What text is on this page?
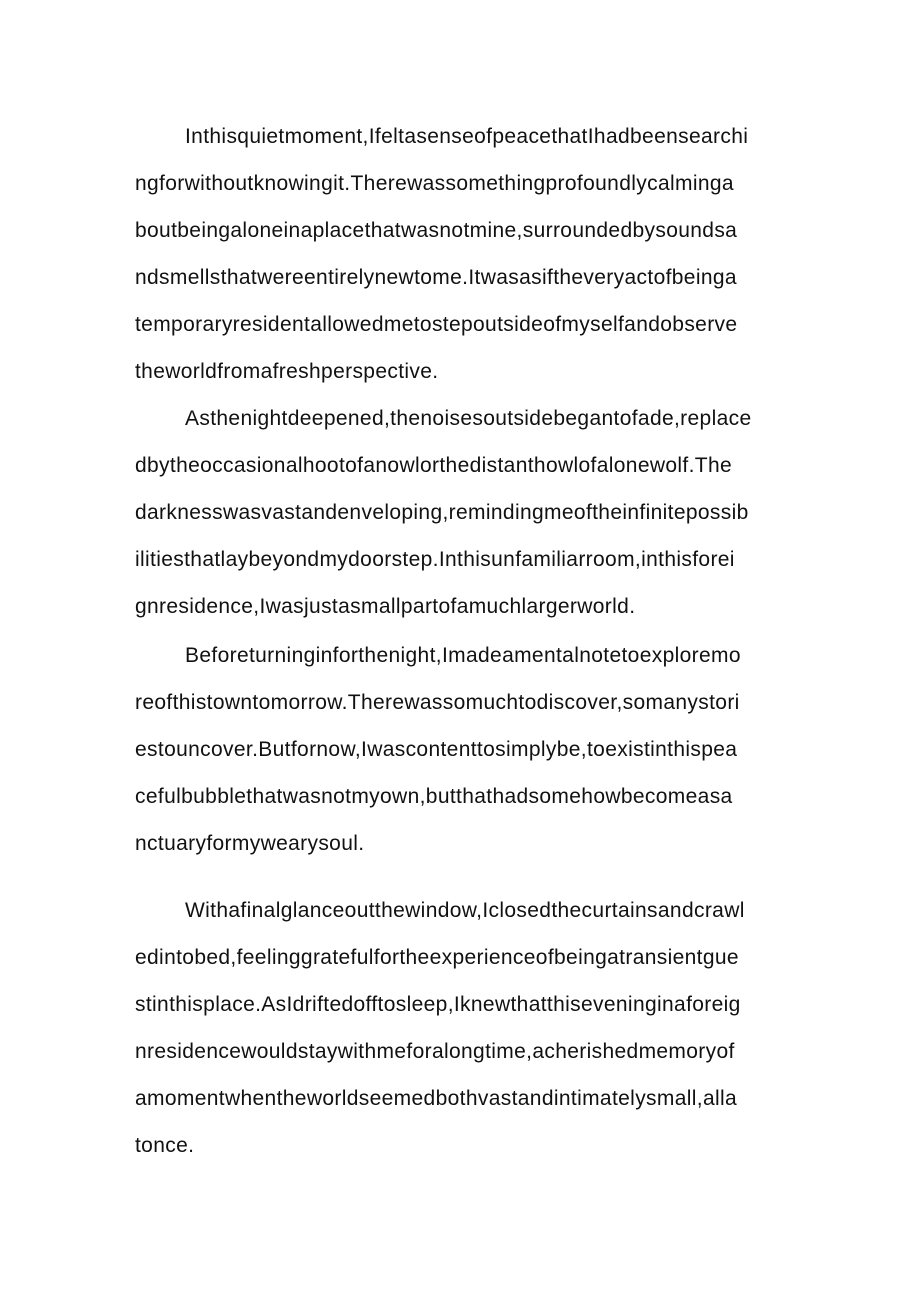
Inthisquietmoment,IfeltasenseofpeacethatIhadbeensearchi
ngforwithoutknowingit.Therewassomethingprofoundlycalminga
boutbeingaloneinaplacethatwasnotmine,surroundedbysoundsa
ndsmellsthatwereentirelynewtome.Itwasasiftheveryactofbeinga
temporaryresidentallowedmetostepoutsideofmyselfandobserve
theworldfromafreshperspective.
Asthenightdeepened,thenoisesoutsidebegantofade,replace
dbytheoccasionalhootofanowlorthedistanthowlofalonewolf.The
darknesswasvastandenveloping,remindingmeoftheinfinitepossib
ilitiesthatlaybeyondmydoorstep.Inthisunfamiliarroom,inthisforei
gnresidence,Iwasjustasmallpartofamuchlargerworld.
Beforeturninginforthenight,Imadeamentalnotetoexploremo
reofthistowntomorrow.Therewassomuchtodiscover,somanystori
estouncover.Butfornow,Iwascontenttosimplybe,toexistinthispea
cefulbubblethatwasnotmyown,butthathadsomehowbecomeasa
nctuaryformywearysoul.
Withafinalglanceoutthewindow,Iclosedthecurtainsandcrawl
edintobed,feelinggratefulfortheexperienceofbeingatransientgue
stinthisplace.AsIdriftedofftosleep,Iknewthatthiseveninginaforeig
nresidencewouldstaywithmeforalongtime,acherishedmemoryof
amomentwhentheworldseemedbothvastandintimatelysmall,alla
tonce.
